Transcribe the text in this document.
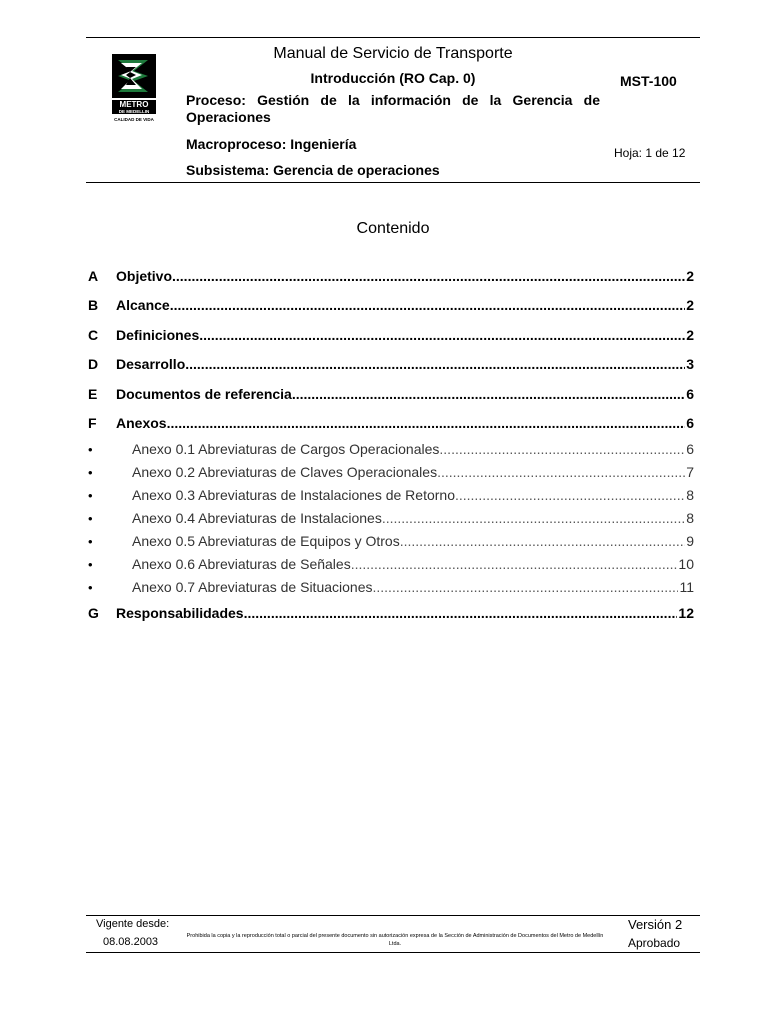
METRO
DE MEDELLIN
CALIDAD DE VIDA
Manual de Servicio de Transporte
Introducción (RO Cap. 0)
Proceso: Gestión de la información de la Gerencia de Operaciones
Macroproceso: Ingeniería
Subsistema: Gerencia de operaciones
MST-100
Hoja: 1 de 12
Contenido
A	Objetivo .....	2
B	Alcance .....	2
C	Definiciones .....	2
D	Desarrollo .....	3
E	Documentos de referencia .....	6
F	Anexos .....	6
•	Anexo 0.1 Abreviaturas de Cargos Operacionales .....	6
•	Anexo 0.2 Abreviaturas de Claves Operacionales .....	7
•	Anexo 0.3 Abreviaturas de Instalaciones de Retorno .....	8
•	Anexo 0.4 Abreviaturas de Instalaciones .....	8
•	Anexo 0.5 Abreviaturas de Equipos y Otros .....	9
•	Anexo 0.6 Abreviaturas de Señales .....	10
•	Anexo 0.7 Abreviaturas de Situaciones .....	11
G	Responsabilidades .....	12
Vigente desde:
08.08.2003	Prohibida la copia y la reproducción total o parcial del presente documento sin autorización expresa de la Sección de Administración de Documentos del Metro de Medellín Ltda.
Versión 2
Aprobado
